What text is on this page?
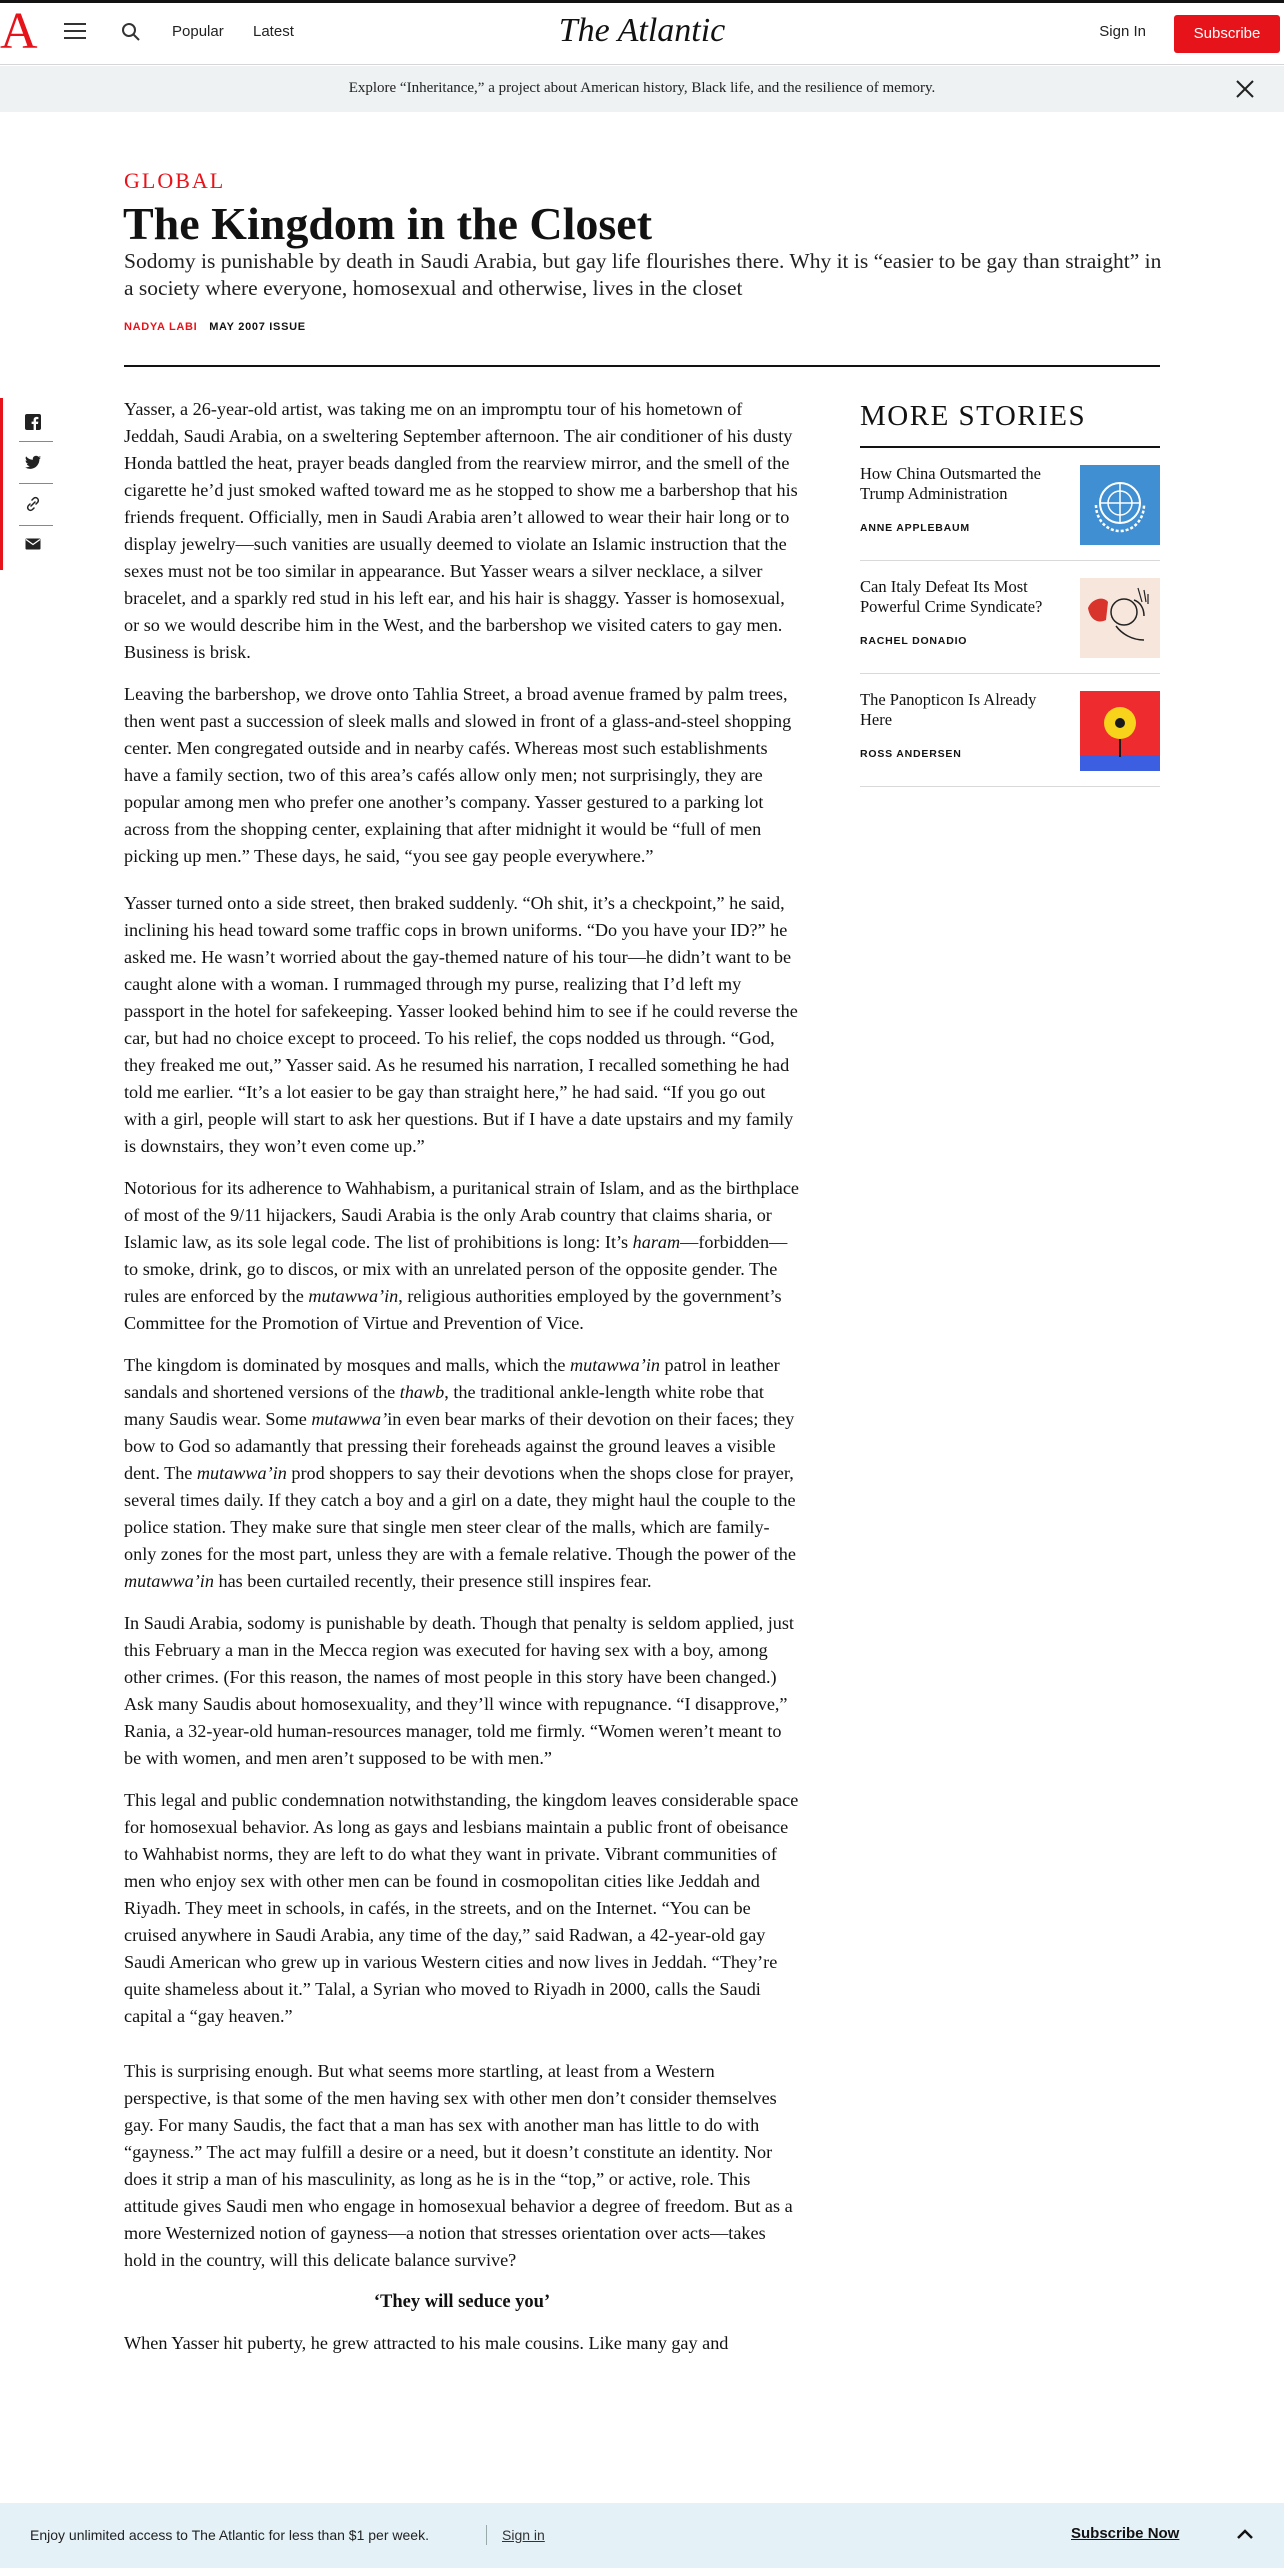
A	Popular Latest	The Atlantic	Sign In	Subscribe
Explore “Inheritance,” a project about American history, Black life, and the resilience of memory.
GLOBAL
The Kingdom in the Closet
Sodomy is punishable by death in Saudi Arabia, but gay life flourishes there. Why it is “easier to be gay than straight” in a society where everyone, homosexual and otherwise, lives in the closet
NADYA LABI MAY 2007 ISSUE

Yasser, a 26-year-old artist, was taking me on an impromptu tour of his hometown of Jeddah, Saudi Arabia, on a sweltering September afternoon. The air conditioner of his dusty Honda battled the heat, prayer beads dangled from the rearview mirror, and the smell of the cigarette he’d just smoked wafted toward me as he stopped to show me a barbershop that his friends frequent. Officially, men in Saudi Arabia aren’t allowed to wear their hair long or to display jewelry—such vanities are usually deemed to violate an Islamic instruction that the sexes must not be too similar in appearance. But Yasser wears a silver necklace, a silver bracelet, and a sparkly red stud in his left ear, and his hair is shaggy. Yasser is homosexual, or so we would describe him in the West, and the barbershop we visited caters to gay men. Business is brisk.

Leaving the barbershop, we drove onto Tahlia Street, a broad avenue framed by palm trees, then went past a succession of sleek malls and slowed in front of a glass-and-steel shopping center. Men congregated outside and in nearby cafés. Whereas most such establishments have a family section, two of this area’s cafés allow only men; not surprisingly, they are popular among men who prefer one another’s company. Yasser gestured to a parking lot across from the shopping center, explaining that after midnight it would be “full of men picking up men.” These days, he said, “you see gay people everywhere.”

Yasser turned onto a side street, then braked suddenly. “Oh shit, it’s a checkpoint,” he said, inclining his head toward some traffic cops in brown uniforms. “Do you have your ID?” he asked me. He wasn’t worried about the gay-themed nature of his tour—he didn’t want to be caught alone with a woman. I rummaged through my purse, realizing that I’d left my passport in the hotel for safekeeping. Yasser looked behind him to see if he could reverse the car, but had no choice except to proceed. To his relief, the cops nodded us through. “God, they freaked me out,” Yasser said. As he resumed his narration, I recalled something he had told me earlier. “It’s a lot easier to be gay than straight here,” he had said. “If you go out with a girl, people will start to ask her questions. But if I have a date upstairs and my family is downstairs, they won’t even come up.”

Notorious for its adherence to Wahhabism, a puritanical strain of Islam, and as the birthplace of most of the 9/11 hijackers, Saudi Arabia is the only Arab country that claims sharia, or Islamic law, as its sole legal code. The list of prohibitions is long: It’s haram—forbidden—to smoke, drink, go to discos, or mix with an unrelated person of the opposite gender. The rules are enforced by the mutawwa’in, religious authorities employed by the government’s Committee for the Promotion of Virtue and Prevention of Vice.

The kingdom is dominated by mosques and malls, which the mutawwa’in patrol in leather sandals and shortened versions of the thawb, the traditional ankle-length white robe that many Saudis wear. Some mutawwa’in even bear marks of their devotion on their faces; they bow to God so adamantly that pressing their foreheads against the ground leaves a visible dent. The mutawwa’in prod shoppers to say their devotions when the shops close for prayer, several times daily. If they catch a boy and a girl on a date, they might haul the couple to the police station. They make sure that single men steer clear of the malls, which are family-only zones for the most part, unless they are with a female relative. Though the power of the mutawwa’in has been curtailed recently, their presence still inspires fear.

In Saudi Arabia, sodomy is punishable by death. Though that penalty is seldom applied, just this February a man in the Mecca region was executed for having sex with a boy, among other crimes. (For this reason, the names of most people in this story have been changed.) Ask many Saudis about homosexuality, and they’ll wince with repugnance. “I disapprove,” Rania, a 32-year-old human-resources manager, told me firmly. “Women weren’t meant to be with women, and men aren’t supposed to be with men.”

This legal and public condemnation notwithstanding, the kingdom leaves considerable space for homosexual behavior. As long as gays and lesbians maintain a public front of obeisance to Wahhabist norms, they are left to do what they want in private. Vibrant communities of men who enjoy sex with other men can be found in cosmopolitan cities like Jeddah and Riyadh. They meet in schools, in cafés, in the streets, and on the Internet. “You can be cruised anywhere in Saudi Arabia, any time of the day,” said Radwan, a 42-year-old gay Saudi American who grew up in various Western cities and now lives in Jeddah. “They’re quite shameless about it.” Talal, a Syrian who moved to Riyadh in 2000, calls the Saudi capital a “gay heaven.”

This is surprising enough. But what seems more startling, at least from a Western perspective, is that some of the men having sex with other men don’t consider themselves gay. For many Saudis, the fact that a man has sex with another man has little to do with “gayness.” The act may fulfill a desire or a need, but it doesn’t constitute an identity. Nor does it strip a man of his masculinity, as long as he is in the “top,” or active, role. This attitude gives Saudi men who engage in homosexual behavior a degree of freedom. But as a more Westernized notion of gayness—a notion that stresses orientation over acts—takes hold in the country, will this delicate balance survive?

‘They will seduce you’

When Yasser hit puberty, he grew attracted to his male cousins. Like many gay and

MORE STORIES
How China Outsmarted the Trump Administration
ANNE APPLEBAUM
Can Italy Defeat Its Most Powerful Crime Syndicate?
RACHEL DONADIO
The Panopticon Is Already Here
ROSS ANDERSEN
Enjoy unlimited access to The Atlantic for less than $1 per week.	Sign in	Subscribe Now
